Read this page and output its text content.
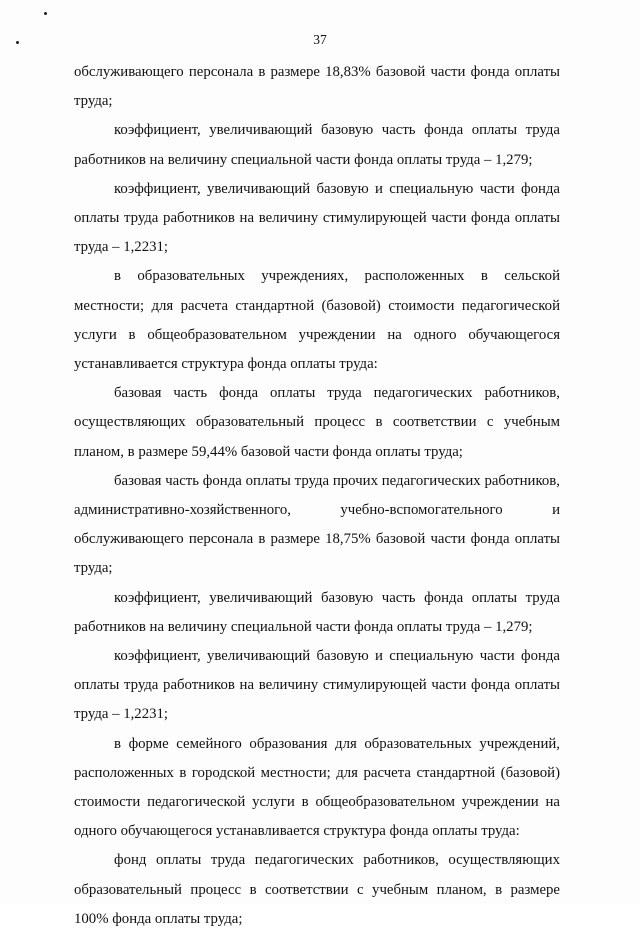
37

обслуживающего персонала в размере 18,83% базовой части фонда оплаты труда;

коэффициент, увеличивающий базовую часть фонда оплаты труда работников на величину специальной части фонда оплаты труда – 1,279;

коэффициент, увеличивающий базовую и специальную части фонда оплаты труда работников на величину стимулирующей части фонда оплаты труда – 1,2231;

в образовательных учреждениях, расположенных в сельской местности; для расчета стандартной (базовой) стоимости педагогической услуги в общеобразовательном учреждении на одного обучающегося устанавливается структура фонда оплаты труда:

базовая часть фонда оплаты труда педагогических работников, осуществляющих образовательный процесс в соответствии с учебным планом, в размере 59,44% базовой части фонда оплаты труда;

базовая часть фонда оплаты труда прочих педагогических работников, административно-хозяйственного, учебно-вспомогательного и обслуживающего персонала в размере 18,75% базовой части фонда оплаты труда;

коэффициент, увеличивающий базовую часть фонда оплаты труда работников на величину специальной части фонда оплаты труда – 1,279;

коэффициент, увеличивающий базовую и специальную части фонда оплаты труда работников на величину стимулирующей части фонда оплаты труда – 1,2231;

в форме семейного образования для образовательных учреждений, расположенных в городской местности; для расчета стандартной (базовой) стоимости педагогической услуги в общеобразовательном учреждении на одного обучающегося устанавливается структура фонда оплаты труда:

фонд оплаты труда педагогических работников, осуществляющих образовательный процесс в соответствии с учебным планом, в размере 100% фонда оплаты труда;
